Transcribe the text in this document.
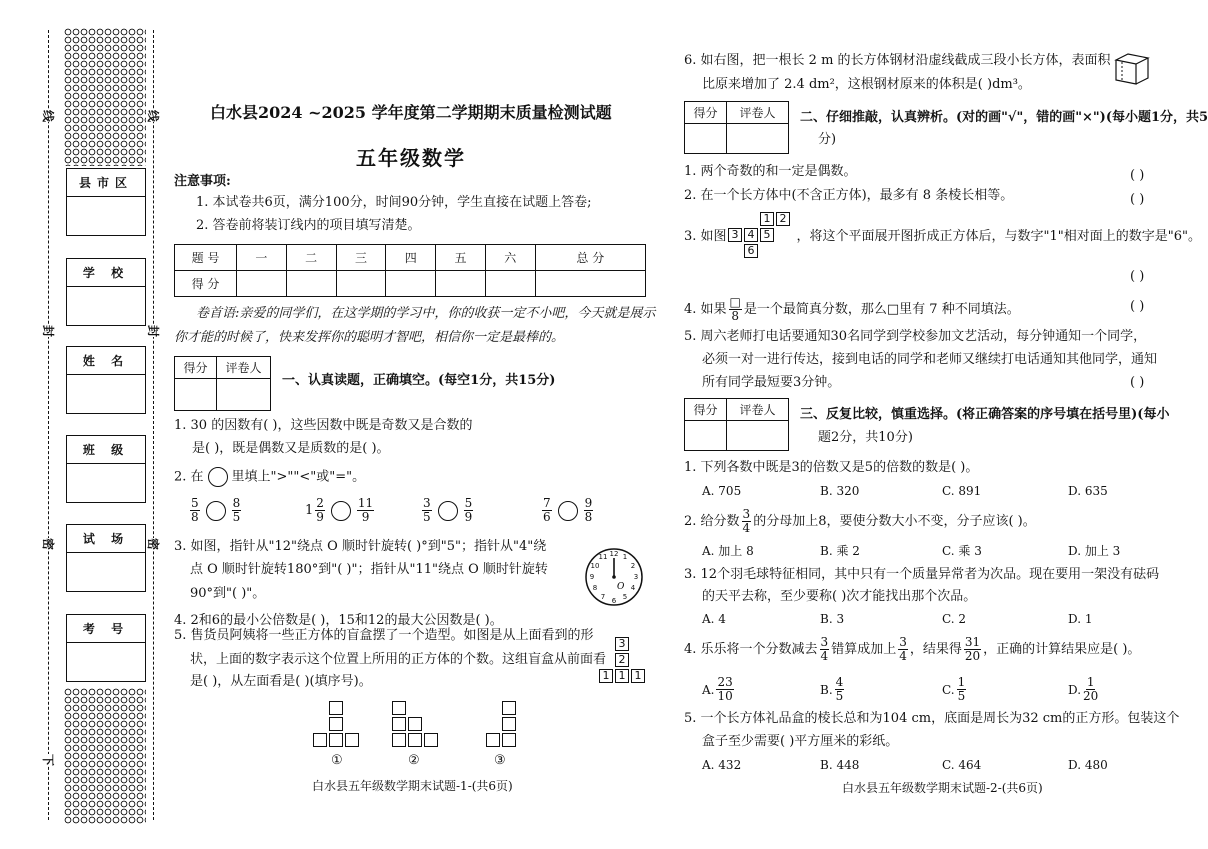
线
封
密
下
线
封
密
县市区
学 校
姓 名
班 级
试 场
考 号
白水县2024 ~2025 学年度第二学期期末质量检测试题
五年级数学
注意事项:
1. 本试卷共6页，满分100分，时间90分钟，学生直接在试题上答卷;
2. 答卷前将装订线内的项目填写清楚。
题 号	一	二	三	四	五	六	总 分
得 分							
卷首语:亲爱的同学们，在这学期的学习中，你的收获一定不小吧，今天就是展示
你才能的时候了，快来发挥你的聪明才智吧，相信你一定是最棒的。
得分	评卷人

一、认真读题，正确填空。(每空1分，共15分)
1. 30 的因数有( )，这些因数中既是奇数又是合数的
是( )，既是偶数又是质数的是( )。
2. 在 里填上">""<"或"="。
$\frac{5}{8}$	$\frac{8}{5}$	$1 \frac{2}{9}$	$\frac{11}{9}$	$\frac{3}{5}$	$\frac{5}{9}$	$\frac{7}{6}$	$\frac{9}{8}$
3. 如图，指针从"12"绕点 O 顺时针旋转( )°到"5"；指针从"4"绕
点 O 顺时针旋转180°到"( )"；指针从"11"绕点 O 顺时针旋转
90°到"( )"。
12 1
2
3
4
5
6
7
8
9
10
11
O
4. 2和6的最小公倍数是( )，15和12的最大公因数是( )。
5. 售货员阿姨将一些正方体的盲盒摆了一个造型。如图是从上面看到的形
状，上面的数字表示这个位置上所用的正方体的个数。这组盲盒从前面看
是( )，从左面看是( )(填序号)。
3
2
1 1 1
①	②	③
白水县五年级数学期末试题-1-(共6页)
6. 如右图，把一根长 2 m 的长方体钢材沿虚线截成三段小长方体，表面积
比原来增加了 2.4 dm²，这根钢材原来的体积是( )dm³。
得分	评卷人
	二、仔细推敲，认真辨析。(对的画"√"，错的画"×")(每小题1分，共5
分)
1. 两个奇数的和一定是偶数。	( )
2. 在一个长方体中(不含正方体)，最多有 8 条棱长相等。	( )
3. 如图	，将这个平面展开图折成正方体后，与数字"1"相对面上的数字是"6"。
1 2
3 4 5
6
( )
4. 如果 $\frac{□}{8}$ 是一个最简真分数，那么□里有 7 种不同填法。	( )
5. 周六老师打电话要通知30名同学到学校参加文艺活动，每分钟通知一个同学，
必须一对一进行传达，接到电话的同学和老师又继续打电话通知其他同学，通知
所有同学最短要3分钟。	( )
得分	评卷人
	三、反复比较，慎重选择。(将正确答案的序号填在括号里)(每小
题2分，共10分)
1. 下列各数中既是3的倍数又是5的倍数的数是( )。
A. 705	B. 320	C. 891	D. 635
2. 给分数 $\frac{3}{4}$ 的分母加上8，要使分数大小不变，分子应该( )。
A. 加上 8	B. 乘 2	C. 乘 3	D. 加上 3
3. 12个羽毛球特征相同，其中只有一个质量异常者为次品。现在要用一架没有砝码
的天平去称，至少要称( )次才能找出那个次品。
A. 4	B. 3	C. 2	D. 1
4. 乐乐将一个分数减去 $\frac{3}{4}$ 错算成加上 $\frac{3}{4}$ ，结果得 $\frac{31}{20}$ ，正确的计算结果应是( )。
A. $\frac{23}{10}$	B. $\frac{4}{5}$	C. $\frac{1}{5}$	D. $\frac{1}{20}$
5. 一个长方体礼品盒的棱长总和为104 cm，底面是周长为32 cm的正方形。包装这个
盒子至少需要( )平方厘米的彩纸。
A. 432	B. 448	C. 464	D. 480
白水县五年级数学期末试题-2-(共6页)
